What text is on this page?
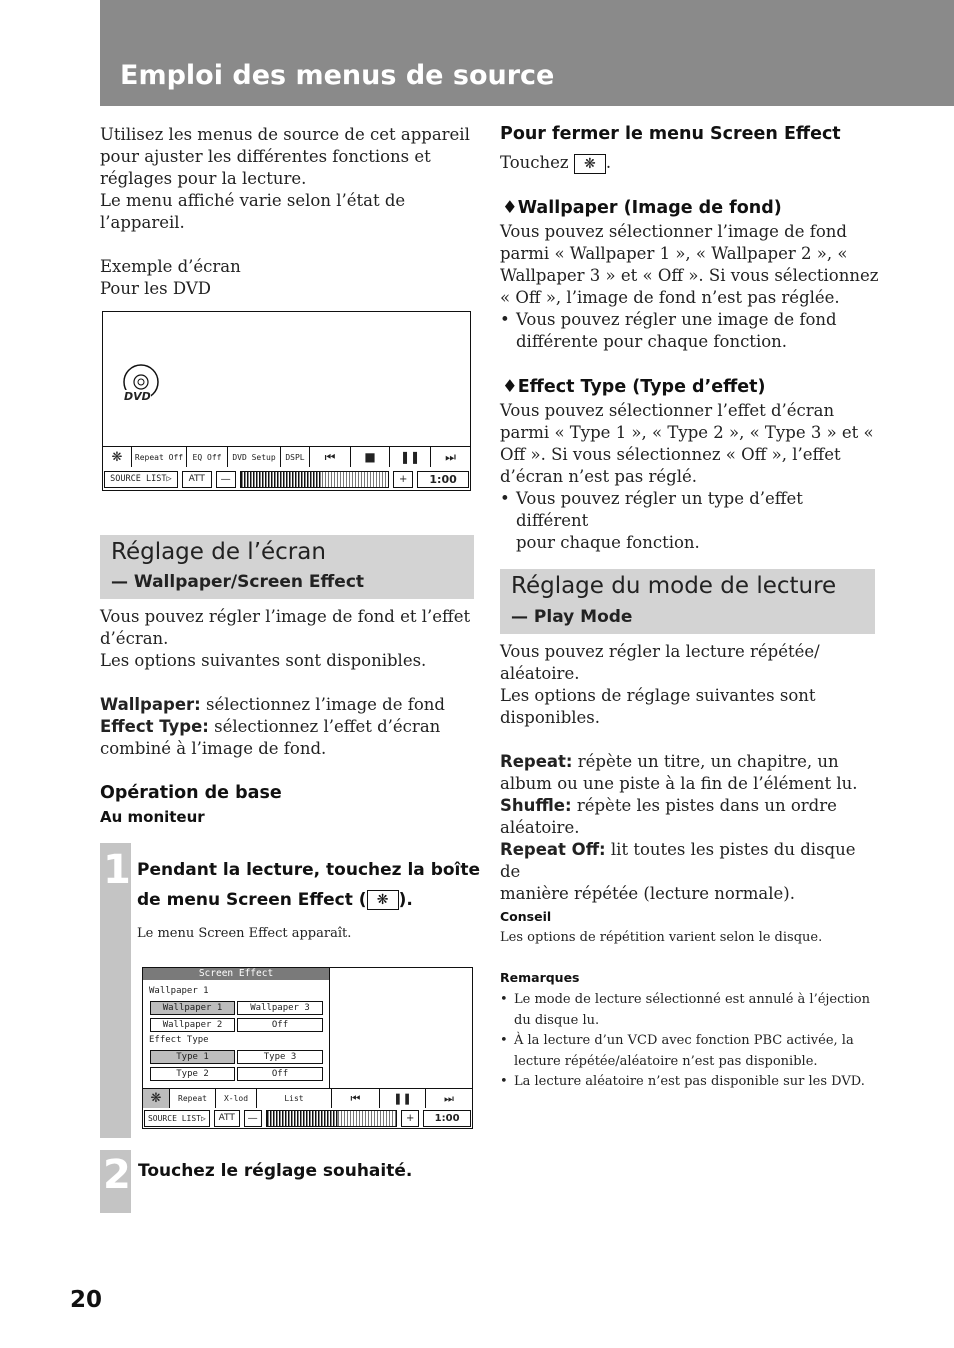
Emploi des menus de source

Utilisez les menus de source de cet appareil

pour ajuster les différentes fonctions et

réglages pour la lecture.

Le menu affiché varie selon l’état de

l’appareil.

Exemple d’écran

Pour les DVD

DVD
❋	Repeat Off	EQ Off	DVD Setup	DSPL	⏮	■	❚❚	⏭
SOURCE LIST ▷	ATT	—	+	1:00
Réglage de l’écran
— Wallpaper/Screen Effect

Vous pouvez régler l’image de fond et l’effet

d’écran.

Les options suivantes sont disponibles.

Wallpaper: sélectionnez l’image de fond

Effect Type: sélectionnez l’effet d’écran

combiné à l’image de fond.

Opération de base
Au moniteur
1 Pendant la lecture, touchez la boîte
de menu Screen Effect ( ❋ ).
Le menu Screen Effect apparaît.
Screen Effect
Wallpaper 1
Wallpaper 1	Wallpaper 3
Wallpaper 2	Off
Effect Type
Type 1	Type 3
Type 2	Off
❋	Repeat	X-lod	List	⏮	❚❚	⏭
SOURCE LIST ▷	ATT	—	+	1:00
2 Touchez le réglage souhaité.
Pour fermer le menu Screen Effect
Touchez ❋ .
♦Wallpaper (Image de fond)

Vous pouvez sélectionner l’image de fond

parmi « Wallpaper 1 », « Wallpaper 2 », «

Wallpaper 3 » et « Off ». Si vous sélectionnez

« Off », l’image de fond n’est pas réglée.

• Vous pouvez régler une image de fond
différente pour chaque fonction.
♦Effect Type (Type d’effet)

Vous pouvez sélectionner l’effet d’écran

parmi « Type 1 », « Type 2 », « Type 3 » et «

Off ». Si vous sélectionnez « Off », l’effet

d’écran n’est pas réglé.

• Vous pouvez régler un type d’effet différent
pour chaque fonction.
Réglage du mode de lecture
— Play Mode

Vous pouvez régler la lecture répétée/

aléatoire.

Les options de réglage suivantes sont

disponibles.

Repeat: répète un titre, un chapitre, un

album ou une piste à la fin de l’élément lu.

Shuffle: répète les pistes dans un ordre

aléatoire.

Repeat Off: lit toutes les pistes du disque de

manière répétée (lecture normale).

Conseil
Les options de répétition varient selon le disque.
Remarques
• Le mode de lecture sélectionné est annulé à l’éjection
du disque lu.
• À la lecture d’un VCD avec fonction PBC activée, la
lecture répétée/aléatoire n’est pas disponible.
• La lecture aléatoire n’est pas disponible sur les DVD.
20
